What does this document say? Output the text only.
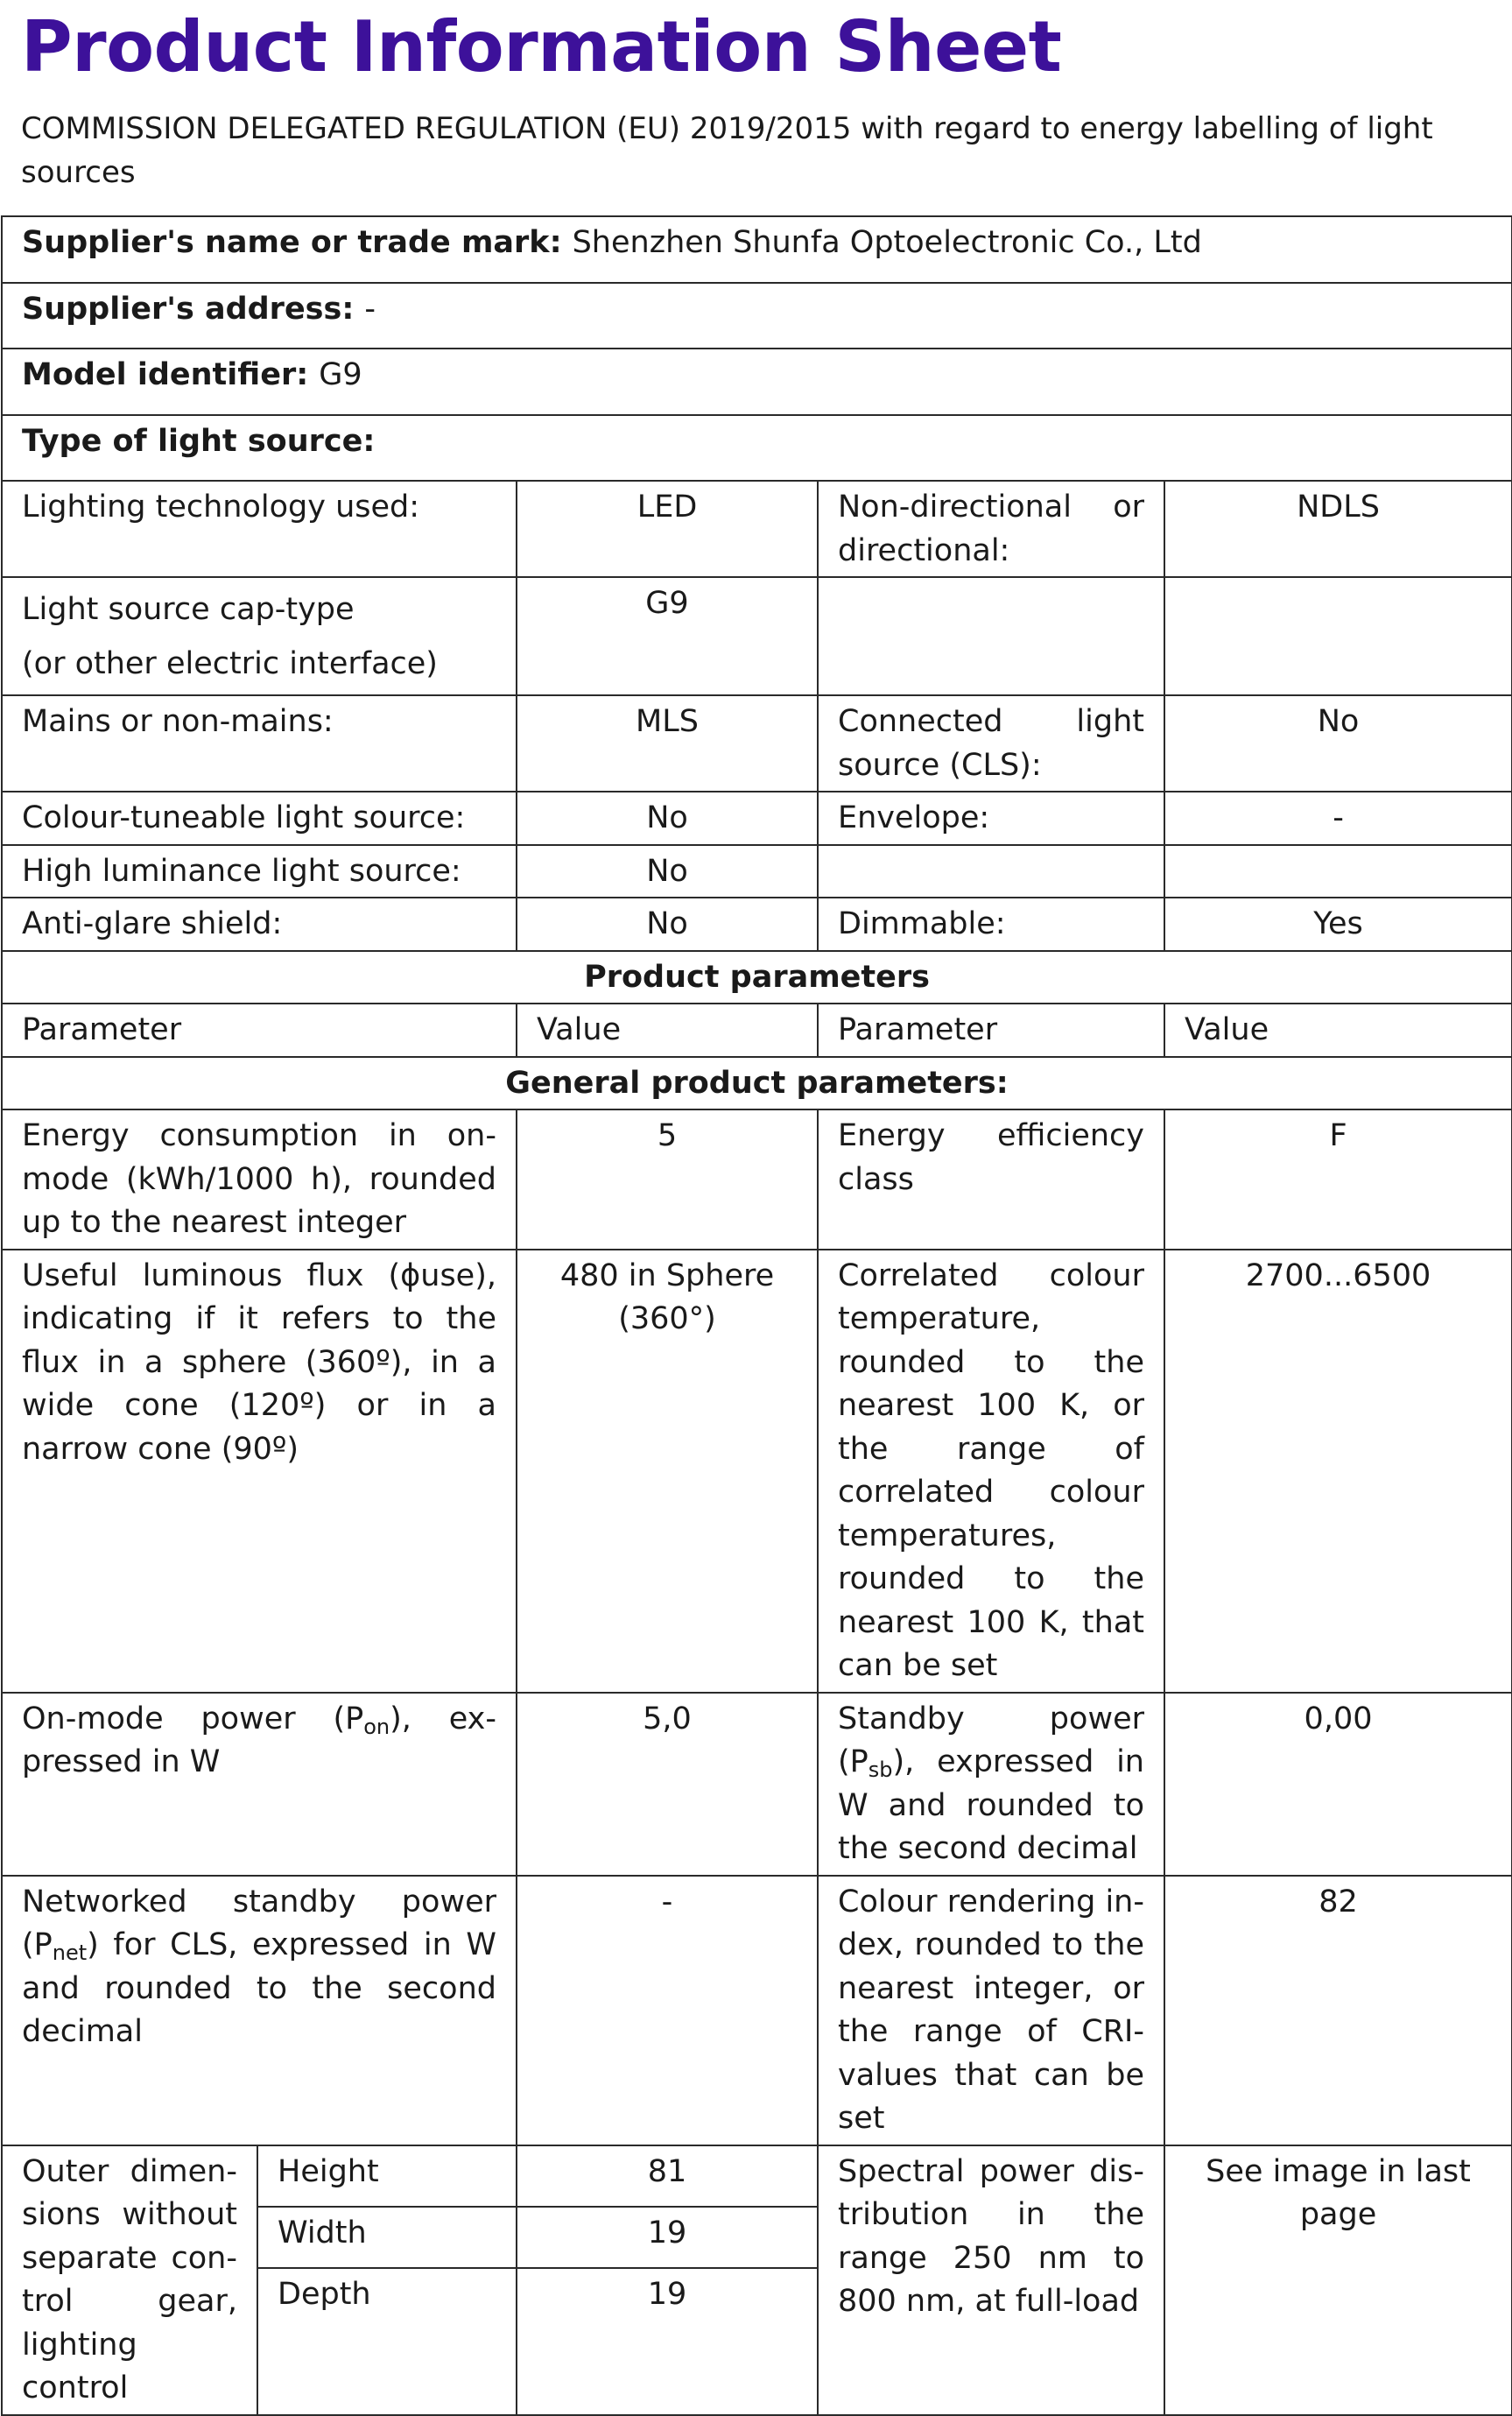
Product Information Sheet

COMMISSION DELEGATED REGULATION (EU) 2019/2015 with regard to energy labelling of light sources

Supplier's name or trade mark: Shenzhen Shunfa Optoelectronic Co., Ltd				
Supplier's address: -				
Model identifier: G9				
Type of light source:				
Lighting technology used:		LED	Non-directional or directional:	NDLS
Light source cap-type
(or other electric interface)		G9		
Mains or non-mains:		MLS	Connected light source (CLS):	No
Colour-tuneable light source:		No	Envelope:	-
High luminance light source:		No		
Anti-glare shield:		No	Dimmable:	Yes
Product parameters				
Parameter		Value	Parameter	Value
General product parameters:				
Energy consumption in on-mode (kWh/1000 h), rounded up to the nearest integer		5	Energy efficiency class	F
Useful luminous flux (ϕuse), indicating if it refers to the flux in a sphere (360º), in a wide cone (120º) or in a narrow cone (90º)		480 in Sphere (360°)	Correlated colour temperature, rounded to the nearest 100 K, or the range of correlated colour temperatures, rounded to the nearest 100 K, that can be set	2700...6500
On-mode power $(P_{on})$, expressed in W		5,0	Standby power $(P_{sb})$, expressed in W and rounded to the second decimal	0,00
Networked standby power $(P_{net})$ for CLS, expressed in W and rounded to the second decimal		-	Colour rendering index, rounded to the nearest integer, or the range of CRI-values that can be set	82
Outer dimensions without separate control gear, lighting control	Height	81	Spectral power distribution in the range 250 nm to 800 nm, at full-load	See image in last page
	Width	19		
	Depth	19		
